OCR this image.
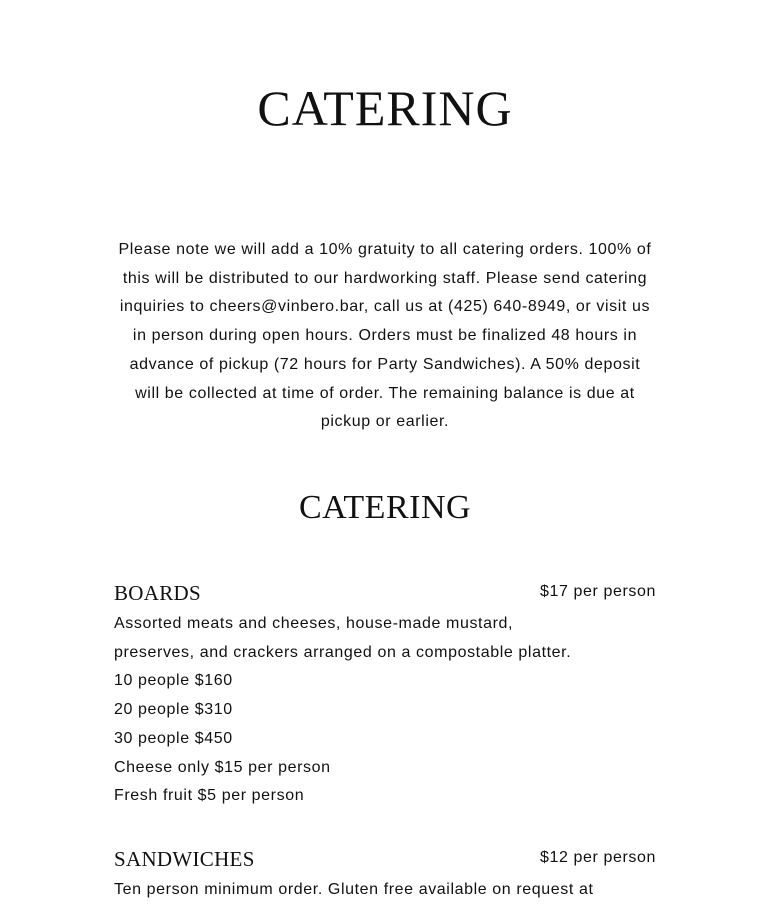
CATERING

Please note we will add a 10% gratuity to all catering orders. 100% of this will be distributed to our hardworking staff. Please send catering inquiries to cheers@vinbero.bar, call us at (425) 640-8949, or visit us in person during open hours. Orders must be finalized 48 hours in advance of pickup (72 hours for Party Sandwiches). A 50% deposit will be collected at time of order. The remaining balance is due at pickup or earlier.

CATERING
BOARDS	$17 per person

Assorted meats and cheeses, house-made mustard, preserves, and crackers arranged on a compostable platter.

10 people $160

20 people $310

30 people $450

Cheese only $15 per person

Fresh fruit $5 per person

SANDWICHES	$12 per person

Ten person minimum order. Gluten free available on request at
